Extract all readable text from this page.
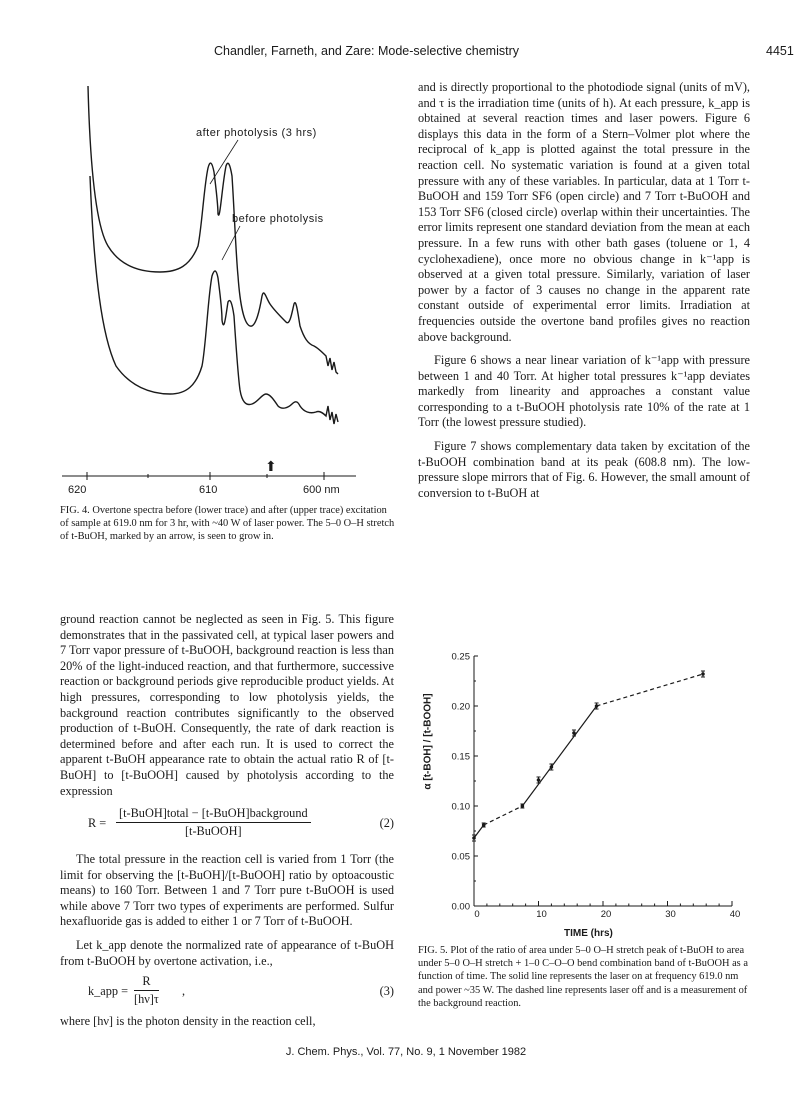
Chandler, Farneth, and Zare: Mode-selective chemistry	4451
after photolysis (3 hrs)
before photolysis
⬆
620	610	600 nm

FIG. 4. Overtone spectra before (lower trace) and after (upper trace) excitation of sample at 619.0 nm for 3 hr, with ~40 W of laser power. The 5–0 O–H stretch of t-BuOH, marked by an arrow, is seen to grow in.

and is directly proportional to the photodiode signal (units of mV), and τ is the irradiation time (units of h). At each pressure, k_app is obtained at several reaction times and laser powers. Figure 6 displays this data in the form of a Stern–Volmer plot where the reciprocal of k_app is plotted against the total pressure in the reaction cell. No systematic variation is found at a given total pressure with any of these variables. In particular, data at 1 Torr t-BuOOH and 159 Torr SF6 (open circle) and 7 Torr t-BuOOH and 153 Torr SF6 (closed circle) overlap within their uncertainties. The error limits represent one standard deviation from the mean at each pressure. In a few runs with other bath gases (toluene or 1, 4 cyclohexadiene), once more no obvious change in k⁻¹app is observed at a given total pressure. Similarly, variation of laser power by a factor of 3 causes no change in the apparent rate constant outside of experimental error limits. Irradiation at frequencies outside the overtone band profiles gives no reaction above background.

Figure 6 shows a near linear variation of k⁻¹app with pressure between 1 and 40 Torr. At higher total pressures k⁻¹app deviates markedly from linearity and approaches a constant value corresponding to a t-BuOOH photolysis rate 10% of the rate at 1 Torr (the lowest pressure studied).

Figure 7 shows complementary data taken by excitation of the t-BuOOH combination band at its peak (608.8 nm). The low-pressure slope mirrors that of Fig. 6. However, the small amount of conversion to t-BuOH at

ground reaction cannot be neglected as seen in Fig. 5. This figure demonstrates that in the passivated cell, at typical laser powers and 7 Torr vapor pressure of t-BuOOH, background reaction is less than 20% of the light-induced reaction, and that furthermore, successive reaction or background periods give reproducible product yields. At high pressures, corresponding to low photolysis yields, the background reaction contributes significantly to the observed production of t-BuOH. Consequently, the rate of dark reaction is determined before and after each run. It is used to correct the apparent t-BuOH appearance rate to obtain the actual ratio R of [t-BuOH] to [t-BuOOH] caused by photolysis according to the expression

R =
[t-BuOH]total − [t-BuOH]background
[t-BuOOH]
(2)

The total pressure in the reaction cell is varied from 1 Torr (the limit for observing the [t-BuOH]/[t-BuOOH] ratio by optoacoustic means) to 160 Torr. Between 1 and 7 Torr pure t-BuOOH is used while above 7 Torr two types of experiments are performed. Sulfur hexafluoride gas is added to either 1 or 7 Torr of t-BuOOH.

Let k_app denote the normalized rate of appearance of t-BuOH from t-BuOOH by overtone activation, i.e.,

k_app = $\frac{R}{[h\nu]\tau}$ ,	(3)

where [hν] is the photon density in the reaction cell,

0.00
0.05
0.10
0.15
0.20
0.25
0	10	20	30	40
α [t-BOH] / [t-BOOH]
TIME (hrs)

FIG. 5. Plot of the ratio of area under 5–0 O–H stretch peak of t-BuOH to area under 5–0 O–H stretch + 1–0 C–O–O bend combination band of t-BuOOH as a function of time. The solid line represents the laser on at frequency 619.0 nm and power ~35 W. The dashed line represents laser off and is a measurement of the background reaction.

J. Chem. Phys., Vol. 77, No. 9, 1 November 1982
